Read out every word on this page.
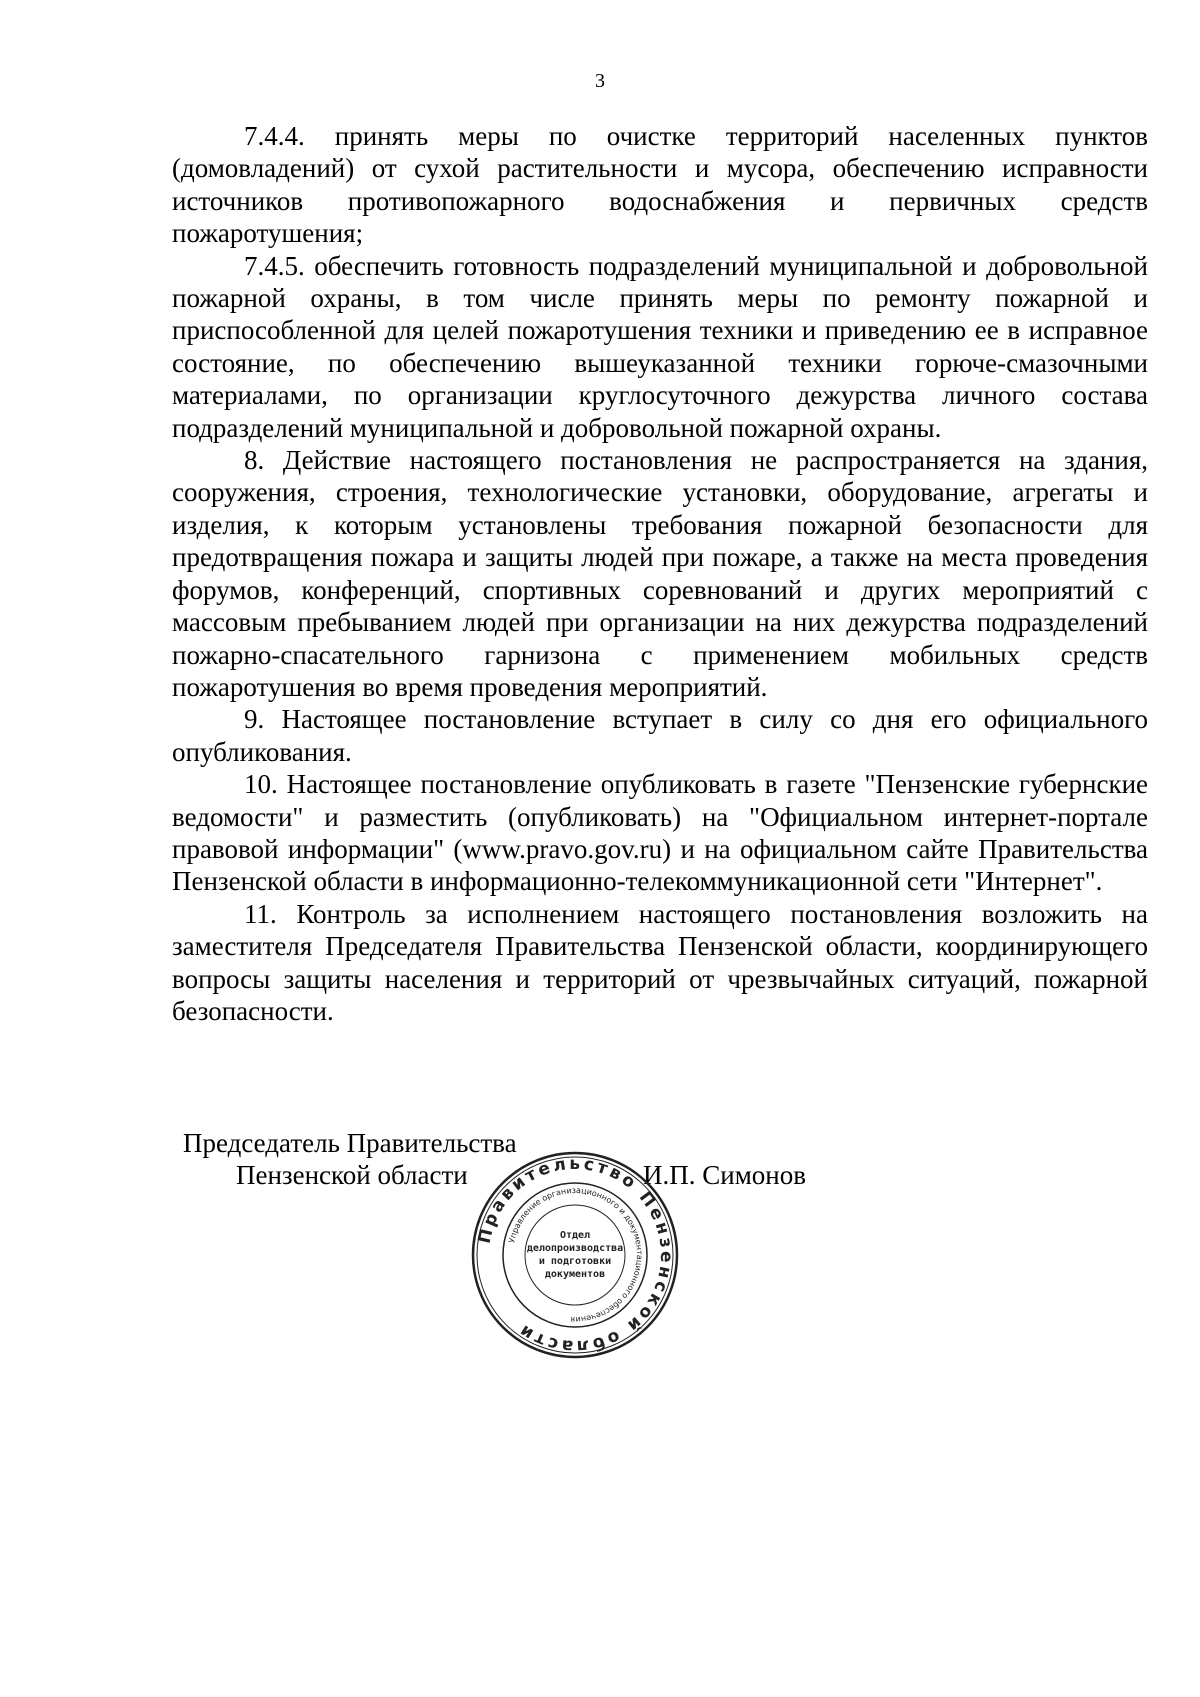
3

7.4.4. принять меры по очистке территорий населенных пунктов (домовладений) от сухой растительности и мусора, обеспечению исправности источников противопожарного водоснабжения и первичных средств пожаротушения;

7.4.5. обеспечить готовность подразделений муниципальной и добровольной пожарной охраны, в том числе принять меры по ремонту пожарной и приспособленной для целей пожаротушения техники и приведению ее в исправное состояние, по обеспечению вышеуказанной техники горюче-смазочными материалами, по организации круглосуточного дежурства личного состава подразделений муниципальной и добровольной пожарной охраны.

8. Действие настоящего постановления не распространяется на здания, сооружения, строения, технологические установки, оборудование, агрегаты и изделия, к которым установлены требования пожарной безопасности для предотвращения пожара и защиты людей при пожаре, а также на места проведения форумов, конференций, спортивных соревнований и других мероприятий с массовым пребыванием людей при организации на них дежурства подразделений пожарно-спасательного гарнизона с применением мобильных средств пожаротушения во время проведения мероприятий.

9. Настоящее постановление вступает в силу со дня его официального опубликования.

10. Настоящее постановление опубликовать в газете "Пензенские губернские ведомости" и разместить (опубликовать) на "Официальном интернет-портале правовой информации" (www.pravo.gov.ru) и на официальном сайте Правительства Пензенской области в информационно-телекоммуникационной сети "Интернет".

11. Контроль за исполнением настоящего постановления возложить на заместителя Председателя Правительства Пензенской области, координирующего вопросы защиты населения и территорий от чрезвычайных ситуаций, пожарной безопасности.

Председатель Правительства
Пензенской области	И.П. Симонов
Правительство Пензенской области
Управление организационного и документационного обеспечения
Отдел
делопроизводства
и подготовки
документов
